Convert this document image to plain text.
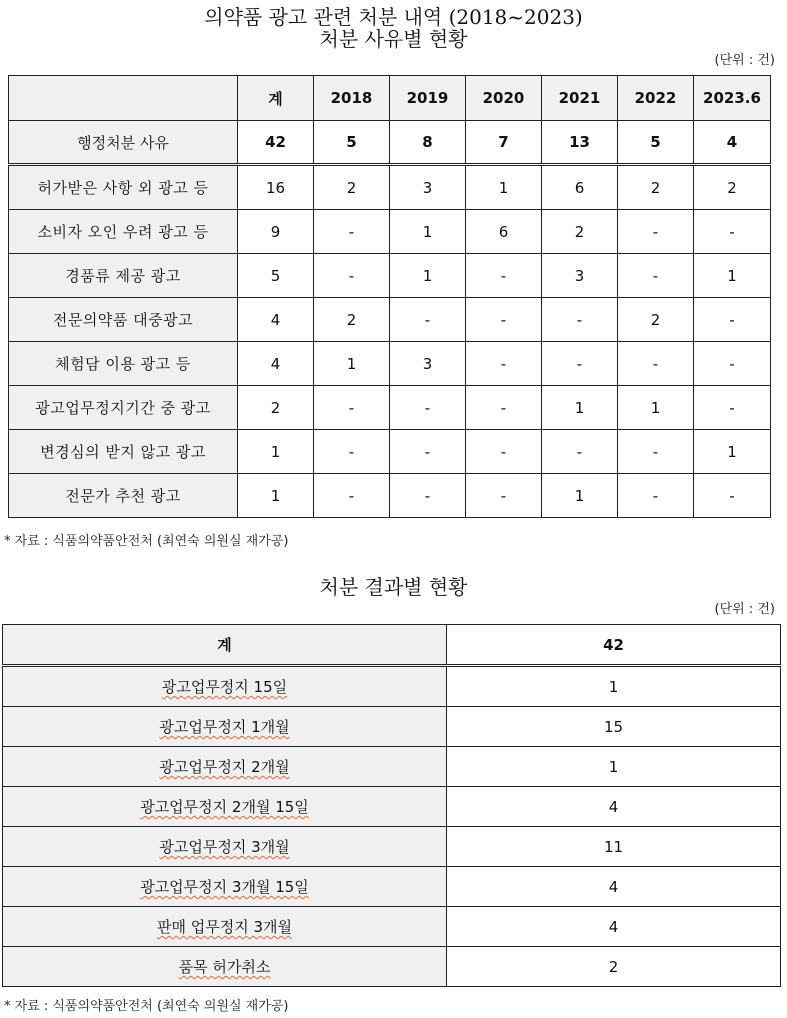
의약품 광고 관련 처분 내역 (2018~2023)
처분 사유별 현황
(단위 : 건)
	계	2018	2019	2020	2021	2022	2023.6
행정처분 사유	42	5	8	7	13	5	4
허가받은 사항 외 광고 등	16	2	3	1	6	2	2
소비자 오인 우려 광고 등	9	-	1	6	2	-	-
경품류 제공 광고	5	-	1	-	3	-	1
전문의약품 대중광고	4	2	-	-	-	2	-
체험담 이용 광고 등	4	1	3	-	-	-	-
광고업무정지기간 중 광고	2	-	-	-	1	1	-
변경심의 받지 않고 광고	1	-	-	-	-	-	1
전문가 추천 광고	1	-	-	-	1	-	-
* 자료 : 식품의약품안전처 (최연숙 의원실 재가공)
처분 결과별 현황
(단위 : 건)
계	42
광고업무정지 15일	1
광고업무정지 1개월	15
광고업무정지 2개월	1
광고업무정지 2개월 15일	4
광고업무정지 3개월	11
광고업무정지 3개월 15일	4
판매 업무정지 3개월	4
품목 허가취소	2
* 자료 : 식품의약품안전처 (최연숙 의원실 재가공)
